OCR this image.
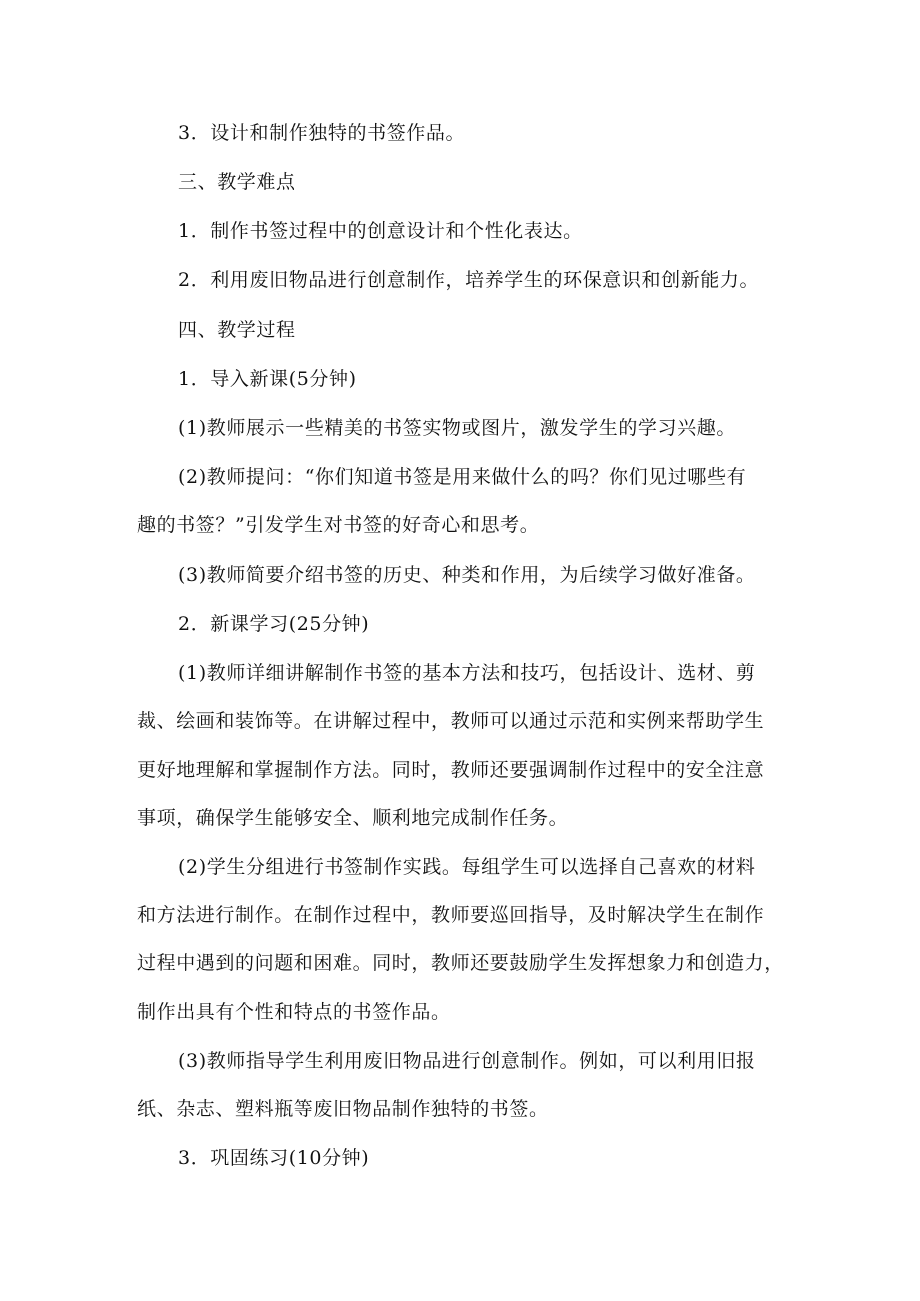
3．设计和制作独特的书签作品。
三、教学难点
1．制作书签过程中的创意设计和个性化表达。
2．利用废旧物品进行创意制作，培养学生的环保意识和创新能力。
四、教学过程
1．导入新课(5分钟)
(1)教师展示一些精美的书签实物或图片，激发学生的学习兴趣。
(2)教师提问：“你们知道书签是用来做什么的吗？你们见过哪些有
趣的书签？”引发学生对书签的好奇心和思考。
(3)教师简要介绍书签的历史、种类和作用，为后续学习做好准备。
2．新课学习(25分钟)
(1)教师详细讲解制作书签的基本方法和技巧，包括设计、选材、剪
裁、绘画和装饰等。在讲解过程中，教师可以通过示范和实例来帮助学生
更好地理解和掌握制作方法。同时，教师还要强调制作过程中的安全注意
事项，确保学生能够安全、顺利地完成制作任务。
(2)学生分组进行书签制作实践。每组学生可以选择自己喜欢的材料
和方法进行制作。在制作过程中，教师要巡回指导，及时解决学生在制作
过程中遇到的问题和困难。同时，教师还要鼓励学生发挥想象力和创造力，
制作出具有个性和特点的书签作品。
(3)教师指导学生利用废旧物品进行创意制作。例如，可以利用旧报
纸、杂志、塑料瓶等废旧物品制作独特的书签。
3．巩固练习(10分钟)
